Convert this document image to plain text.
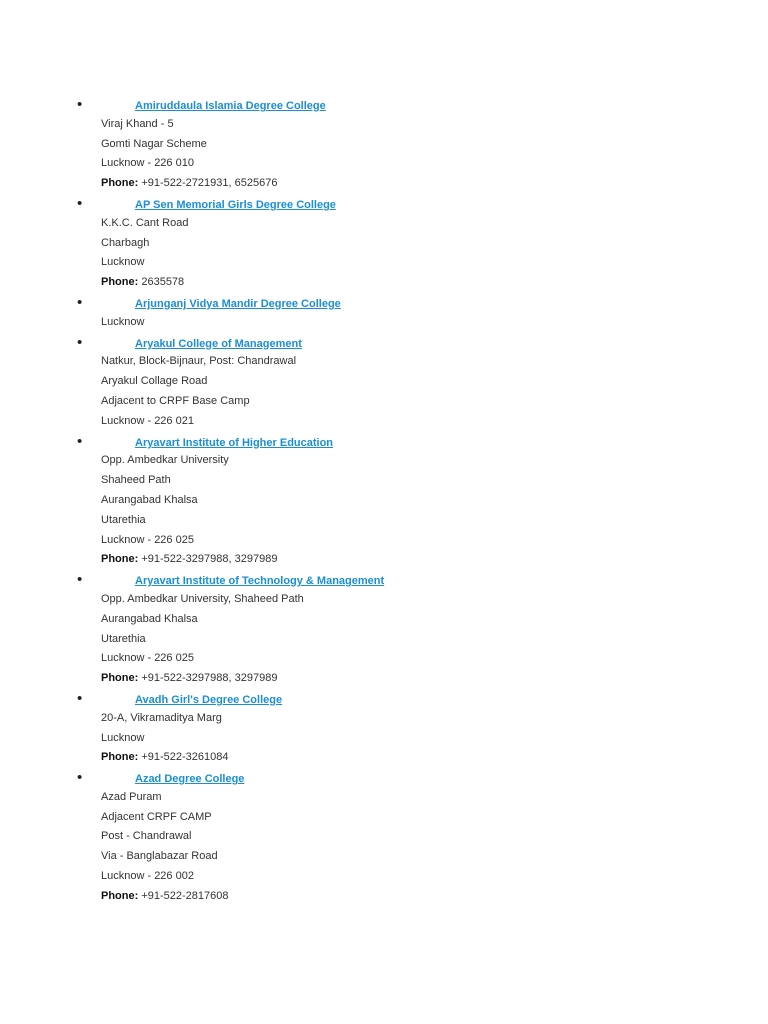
•	Amiruddaula Islamia Degree College
Viraj Khand - 5
Gomti Nagar Scheme
Lucknow - 226 010
Phone: +91-522-2721931, 6525676
•	AP Sen Memorial Girls Degree College
K.K.C. Cant Road
Charbagh
Lucknow
Phone: 2635578
•	Arjunganj Vidya Mandir Degree College
Lucknow
•	Aryakul College of Management
Natkur, Block-Bijnaur, Post: Chandrawal
Aryakul Collage Road
Adjacent to CRPF Base Camp
Lucknow - 226 021
•	Aryavart Institute of Higher Education
Opp. Ambedkar University
Shaheed Path
Aurangabad Khalsa
Utarethia
Lucknow - 226 025
Phone: +91-522-3297988, 3297989
•	Aryavart Institute of Technology & Management
Opp. Ambedkar University, Shaheed Path
Aurangabad Khalsa
Utarethia
Lucknow - 226 025
Phone: +91-522-3297988, 3297989
•	Avadh Girl's Degree College
20-A, Vikramaditya Marg
Lucknow
Phone: +91-522-3261084
•	Azad Degree College
Azad Puram
Adjacent CRPF CAMP
Post - Chandrawal
Via - Banglabazar Road
Lucknow - 226 002
Phone: +91-522-2817608
